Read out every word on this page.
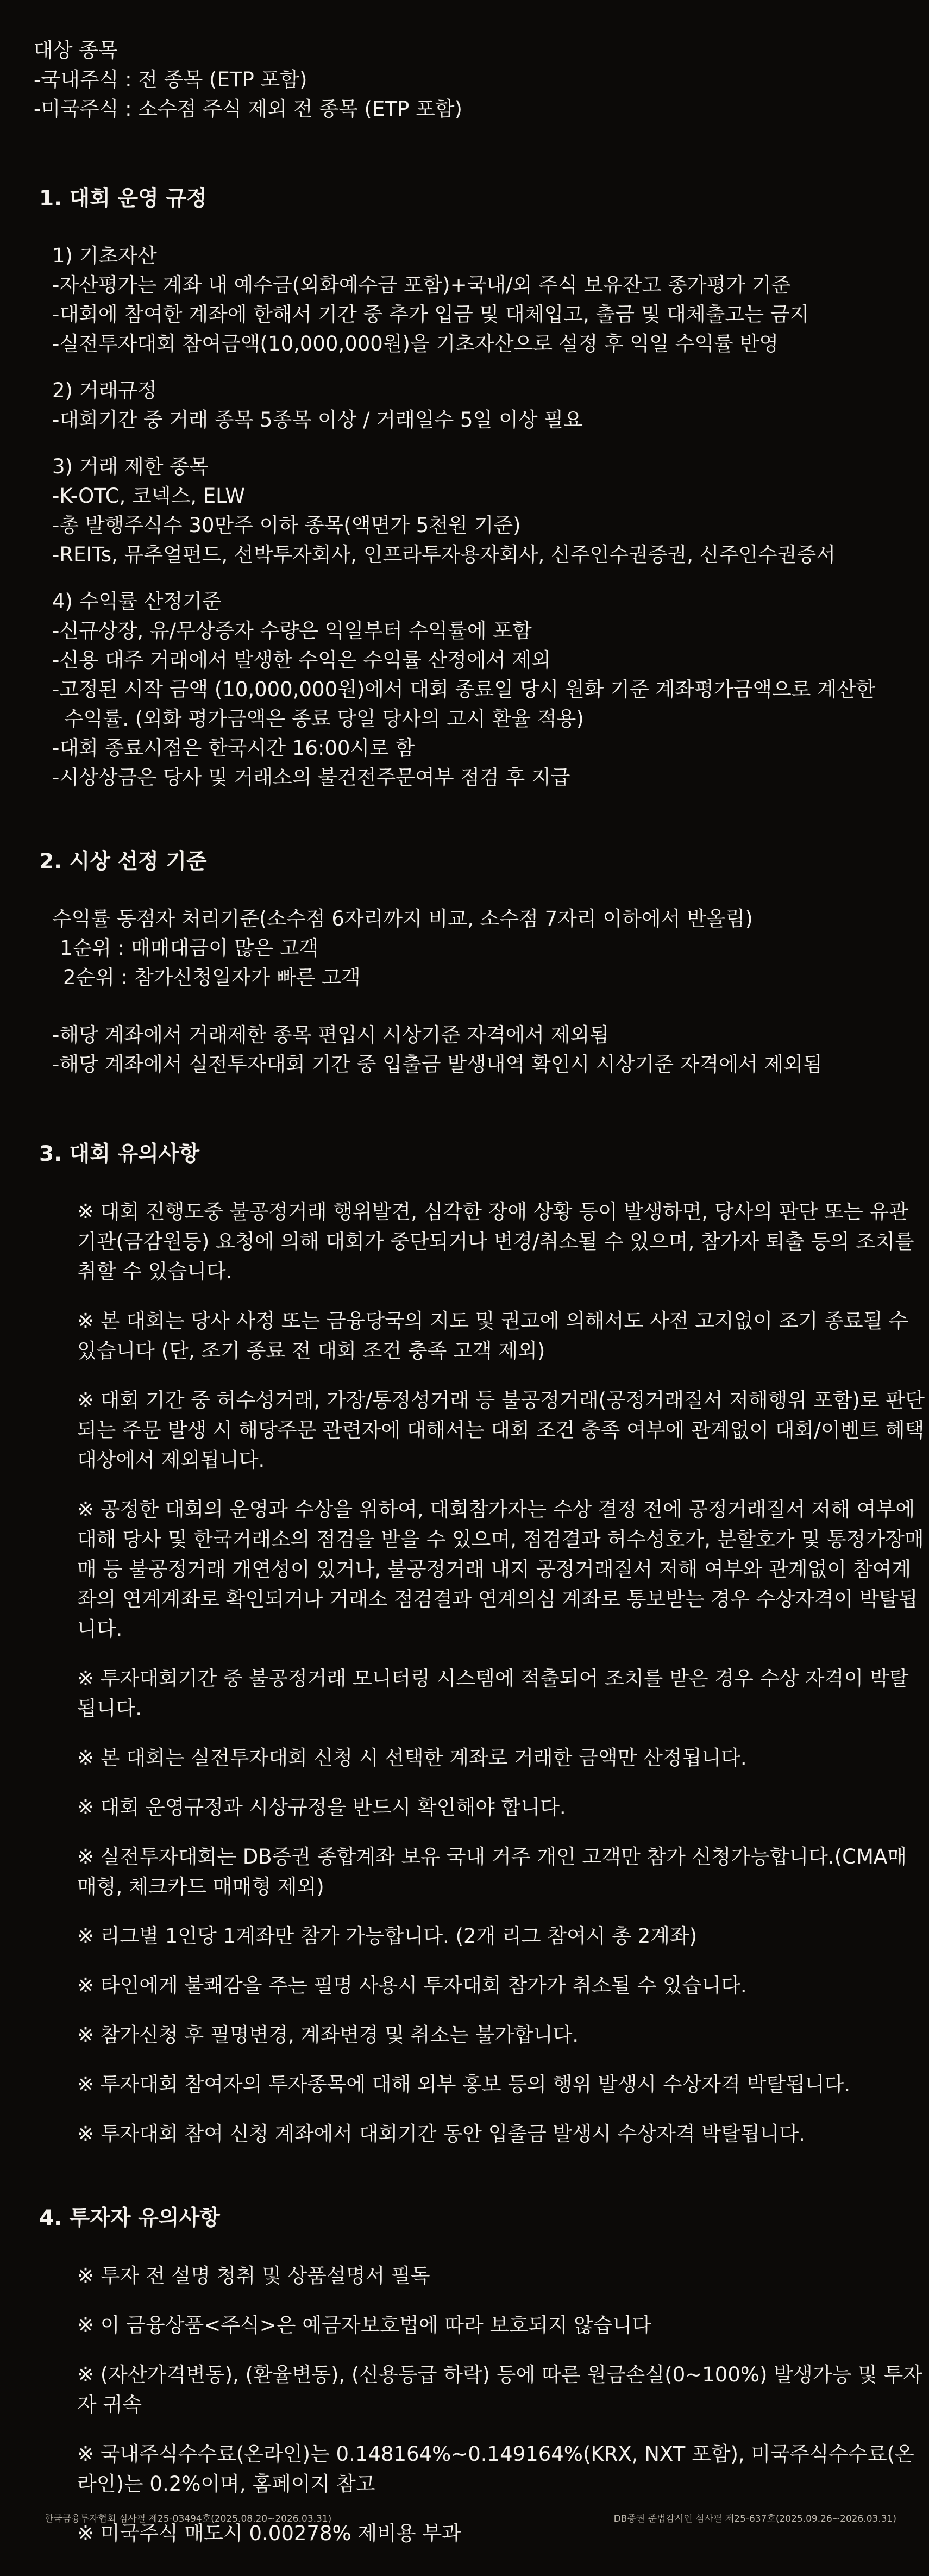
대상 종목

-국내주식 : 전 종목 (ETP 포함)

-미국주식 : 소수점 주식 제외 전 종목 (ETP 포함)

1. 대회 운영 규정

1) 기초자산

-자산평가는 계좌 내 예수금(외화예수금 포함)+국내/외 주식 보유잔고 종가평가 기준

-대회에 참여한 계좌에 한해서 기간 중 추가 입금 및 대체입고, 출금 및 대체출고는 금지

-실전투자대회 참여금액(10,000,000원)을 기초자산으로 설정 후 익일 수익률 반영

2) 거래규정

-대회기간 중 거래 종목 5종목 이상 / 거래일수 5일 이상 필요

3) 거래 제한 종목

-K-OTC, 코넥스, ELW

-총 발행주식수 30만주 이하 종목(액면가 5천원 기준)

-REITs, 뮤추얼펀드, 선박투자회사, 인프라투자용자회사, 신주인수권증권, 신주인수권증서

4) 수익률 산정기준

-신규상장, 유/무상증자 수량은 익일부터 수익률에 포함

-신용 대주 거래에서 발생한 수익은 수익률 산정에서 제외

-고정된 시작 금액 (10,000,000원)에서 대회 종료일 당시 원화 기준 계좌평가금액으로 계산한

수익률. (외화 평가금액은 종료 당일 당사의 고시 환율 적용)

-대회 종료시점은 한국시간 16:00시로 함

-시상상금은 당사 및 거래소의 불건전주문여부 점검 후 지급

2. 시상 선정 기준

수익률 동점자 처리기준(소수점 6자리까지 비교, 소수점 7자리 이하에서 반올림)

1순위 : 매매대금이 많은 고객

2순위 : 참가신청일자가 빠른 고객

-해당 계좌에서 거래제한 종목 편입시 시상기준 자격에서 제외됨

-해당 계좌에서 실전투자대회 기간 중 입출금 발생내역 확인시 시상기준 자격에서 제외됨

3. 대회 유의사항

※ 대회 진행도중 불공정거래 행위발견, 심각한 장애 상황 등이 발생하면, 당사의 판단 또는 유관기관(금감원등) 요청에 의해 대회가 중단되거나 변경/취소될 수 있으며, 참가자 퇴출 등의 조치를 취할 수 있습니다.

※ 본 대회는 당사 사정 또는 금융당국의 지도 및 권고에 의해서도 사전 고지없이 조기 종료될 수 있습니다 (단, 조기 종료 전 대회 조건 충족 고객 제외)

※ 대회 기간 중 허수성거래, 가장/통정성거래 등 불공정거래(공정거래질서 저해행위 포함)로 판단되는 주문 발생 시 해당주문 관련자에 대해서는 대회 조건 충족 여부에 관계없이 대회/이벤트 혜택 대상에서 제외됩니다.

※ 공정한 대회의 운영과 수상을 위하여, 대회참가자는 수상 결정 전에 공정거래질서 저해 여부에 대해 당사 및 한국거래소의 점검을 받을 수 있으며, 점검결과 허수성호가, 분할호가 및 통정가장매매 등 불공정거래 개연성이 있거나, 불공정거래 내지 공정거래질서 저해 여부와 관계없이 참여계좌의 연계계좌로 확인되거나 거래소 점검결과 연계의심 계좌로 통보받는 경우 수상자격이 박탈됩니다.

※ 투자대회기간 중 불공정거래 모니터링 시스템에 적출되어 조치를 받은 경우 수상 자격이 박탈됩니다.

※ 본 대회는 실전투자대회 신청 시 선택한 계좌로 거래한 금액만 산정됩니다.

※ 대회 운영규정과 시상규정을 반드시 확인해야 합니다.

※ 실전투자대회는 DB증권 종합계좌 보유 국내 거주 개인 고객만 참가 신청가능합니다.(CMA매매형, 체크카드 매매형 제외)

※ 리그별 1인당 1계좌만 참가 가능합니다. (2개 리그 참여시 총 2계좌)

※ 타인에게 불쾌감을 주는 필명 사용시 투자대회 참가가 취소될 수 있습니다.

※ 참가신청 후 필명변경, 계좌변경 및 취소는 불가합니다.

※ 투자대회 참여자의 투자종목에 대해 외부 홍보 등의 행위 발생시 수상자격 박탈됩니다.

※ 투자대회 참여 신청 계좌에서 대회기간 동안 입출금 발생시 수상자격 박탈됩니다.

4. 투자자 유의사항

※ 투자 전 설명 청취 및 상품설명서 필독

※ 이 금융상품<주식>은 예금자보호법에 따라 보호되지 않습니다

※ (자산가격변동), (환율변동), (신용등급 하락) 등에 따른 원금손실(0~100%) 발생가능 및 투자자 귀속

※ 국내주식수수료(온라인)는 0.148164%~0.149164%(KRX, NXT 포함), 미국주식수수료(온라인)는 0.2%이며, 홈페이지 참고

※ 미국주식 매도시 0.00278% 제비용 부과

한국금융투자협회 심사필 제25-03494호(2025.08.20~2026.03.31)	DB증권 준법감시인 심사필 제25-637호(2025.09.26~2026.03.31)
